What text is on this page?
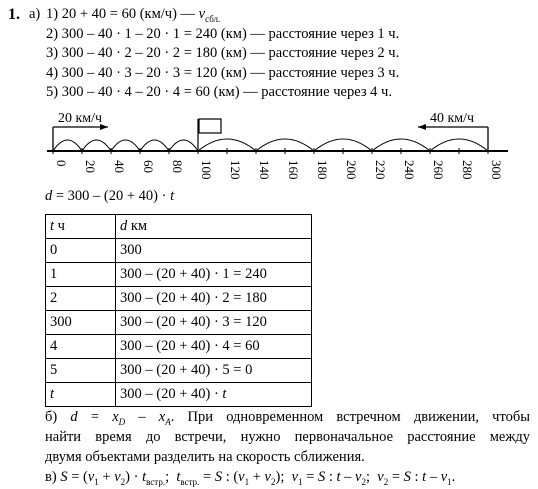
1. а) 1) 20 + 40 = 60 (км/ч) — $v_{сбл.}$
2) 300 – 40 · 1 – 20 · 1 = 240 (км) — расстояние через 1 ч.
3) 300 – 40 · 2 – 20 · 2 = 180 (км) — расстояние через 2 ч.
4) 300 – 40 · 3 – 20 · 3 = 120 (км) — расстояние через 3 ч.
5) 300 – 40 · 4 – 20 · 4 = 60 (км) — расстояние через 4 ч.
0 20 40 60 80 100 120 140 160 180 200 220 240 260 280 300
20 км/ч	40 км/ч
d = 300 – (20 + 40) · t
t ч	d км
0	300
1	300 – (20 + 40) · 1 = 240
2	300 – (20 + 40) · 2 = 180
300	300 – (20 + 40) · 3 = 120
4	300 – (20 + 40) · 4 = 60
5	300 – (20 + 40) · 5 = 0
t	300 – (20 + 40) · t
б) $d = x_D - x_A$. При одновременном встречном движении, чтобы
найти время до встречи, нужно первоначальное расстояние между
двумя объектами разделить на скорость сближения.
в) $S = (v_1 + v_2) \cdot t_{встр.}$;  $t_{встр.} = S$ : $(v_1 + v_2)$;  $v_1 = S$ : t – $v_2$;  $v_2 = S$ : t – $v_1$.
